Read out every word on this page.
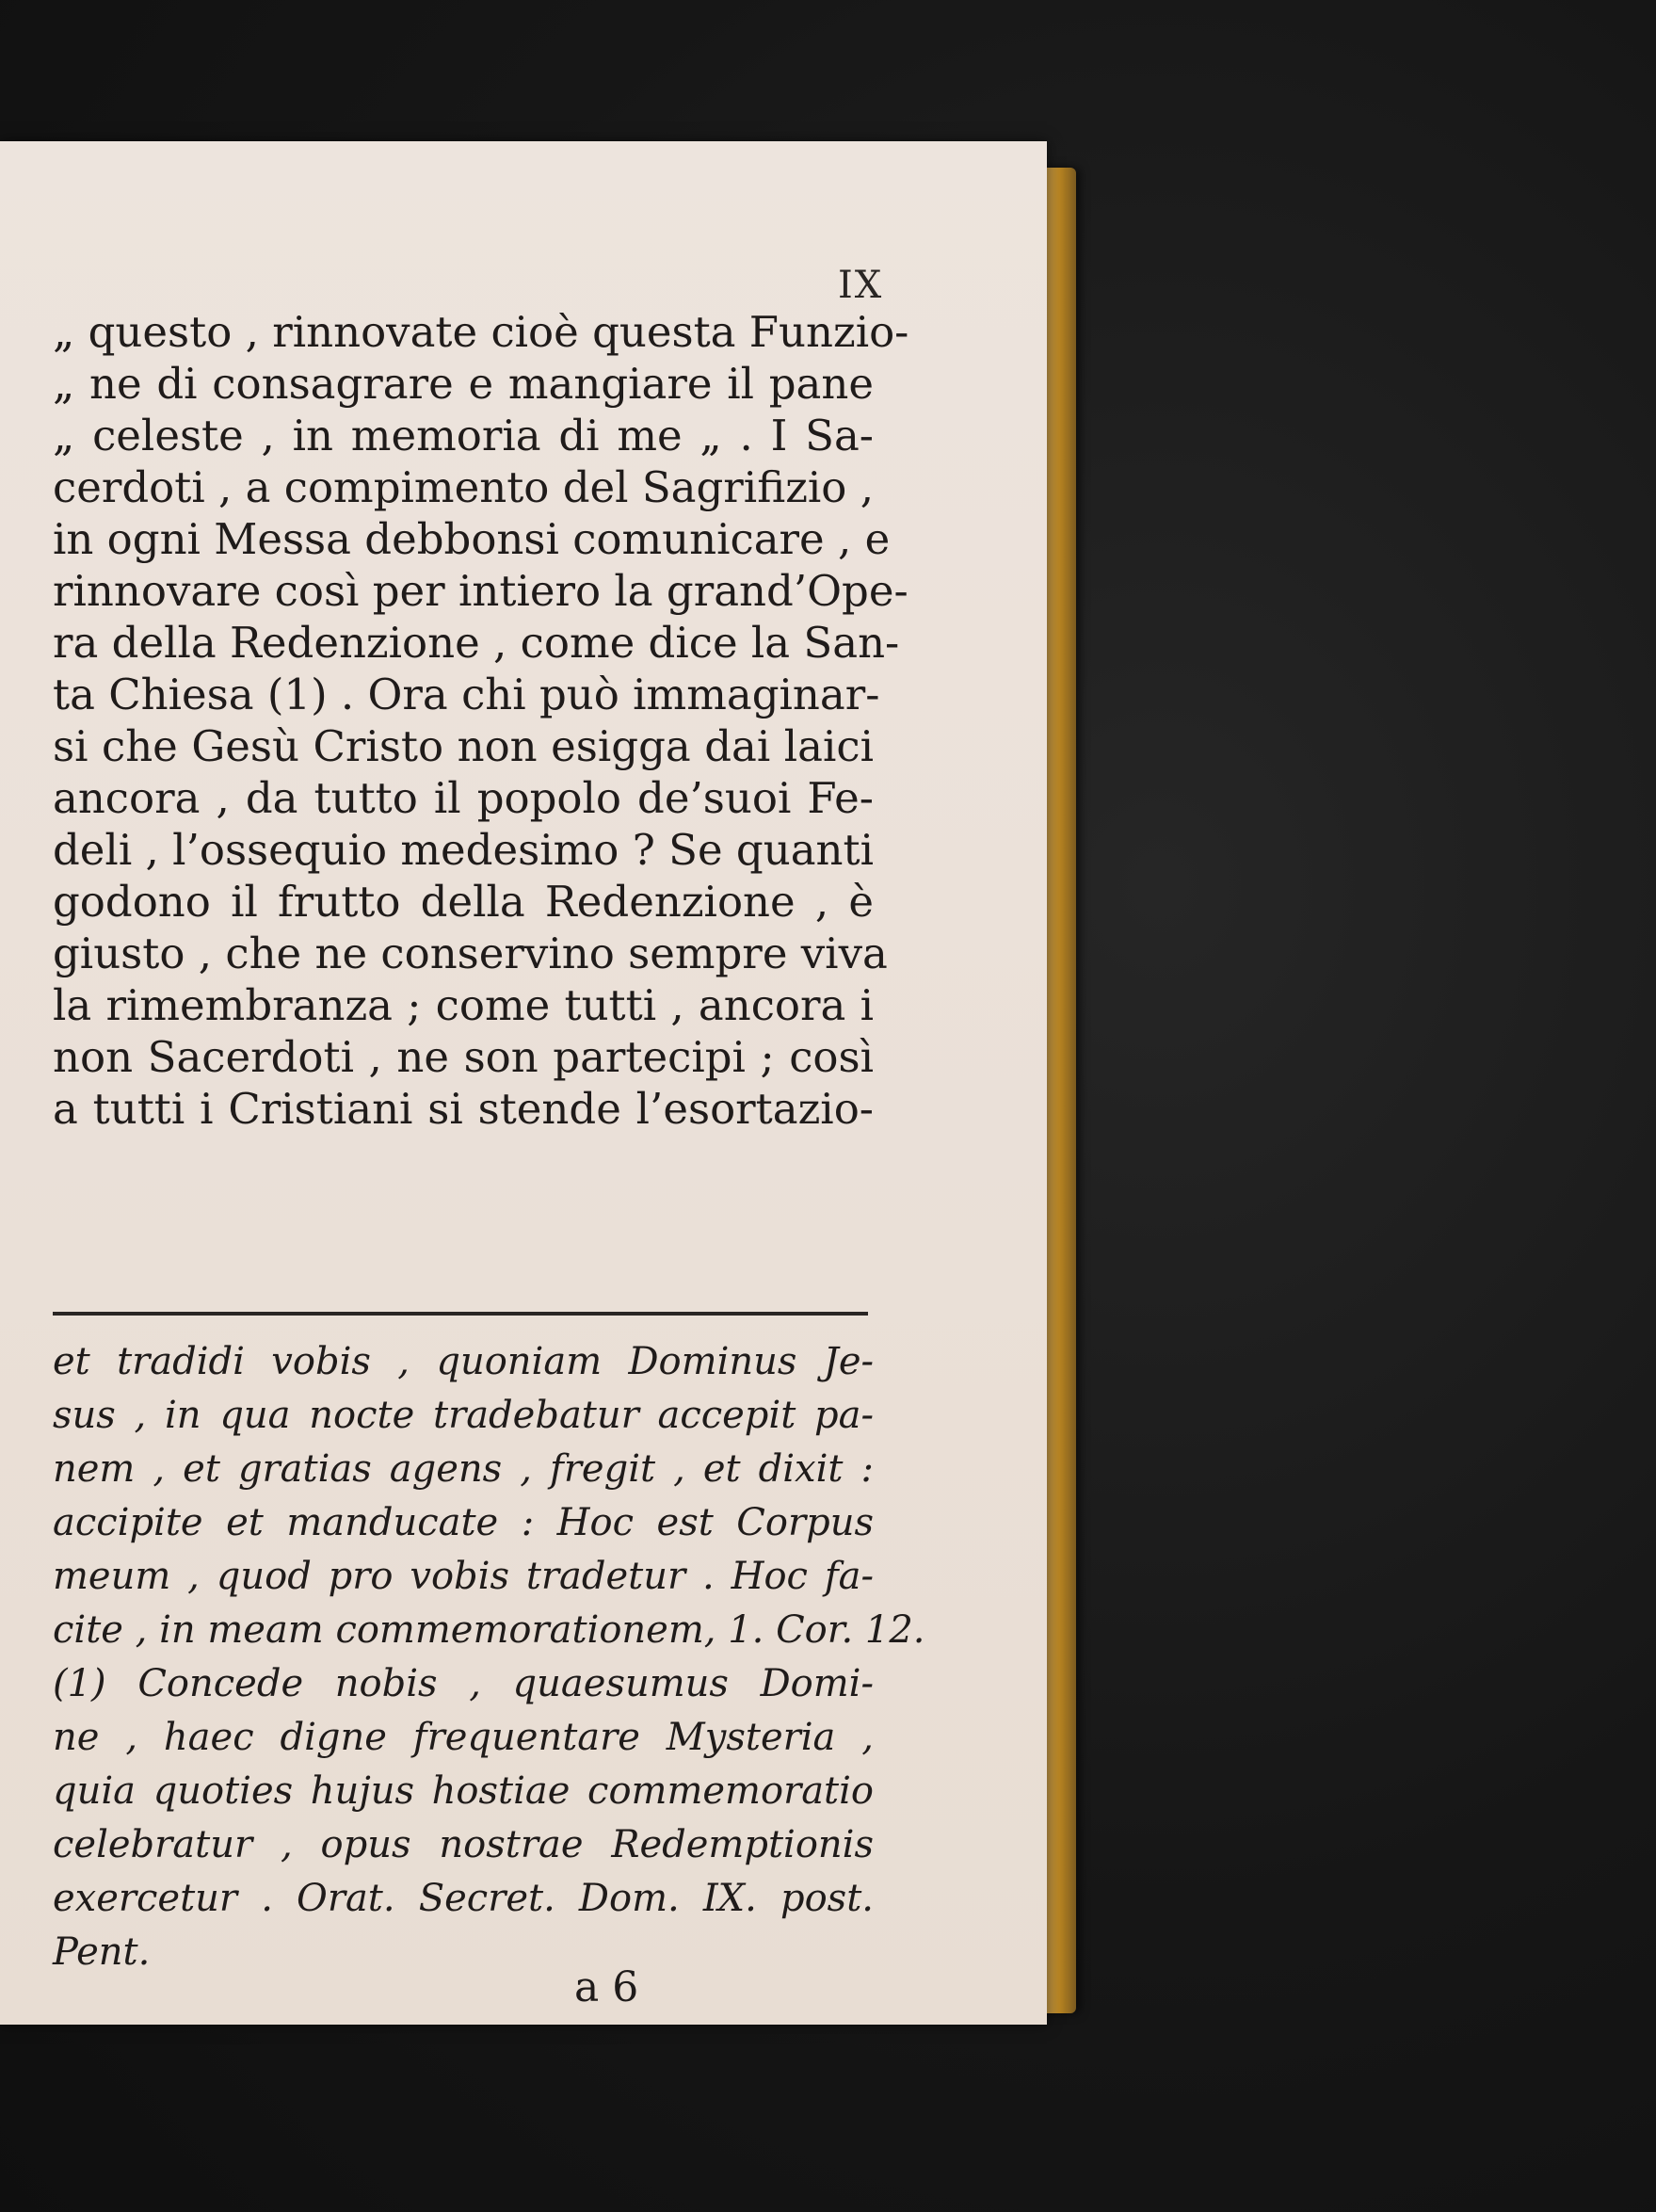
IX
„ questo , rinnovate cioè questa Funzio-
„ ne di consagrare e mangiare il pane
„ celeste , in memoria di me „ . I Sa-
cerdoti , a compimento del Sagrifizio ,
in ogni Messa debbonsi comunicare , e
rinnovare così per intiero la grand’Ope-
ra della Redenzione , come dice la San-
ta Chiesa (1) . Ora chi può immaginar-
si che Gesù Cristo non esigga dai laici
ancora , da tutto il popolo de’suoi Fe-
deli , l’ossequio medesimo ? Se quanti
godono il frutto della Redenzione , è
giusto , che ne conservino sempre viva
la rimembranza ; come tutti , ancora i
non Sacerdoti , ne son partecipi ; così
a tutti i Cristiani si stende l’esortazio-
et tradidi vobis , quoniam Dominus Je-
sus , in qua nocte tradebatur accepit pa-
nem , et gratias agens , fregit , et dixit :
accipite et manducate : Hoc est Corpus
meum , quod pro vobis tradetur . Hoc fa-
cite , in meam commemorationem, 1. Cor. 12.
(1) Concede nobis , quaesumus Domi-
ne , haec digne frequentare Mysteria ,
quia quoties hujus hostiae commemoratio
celebratur , opus nostrae Redemptionis
exercetur . Orat. Secret. Dom. IX. post.
Pent.
a 6
